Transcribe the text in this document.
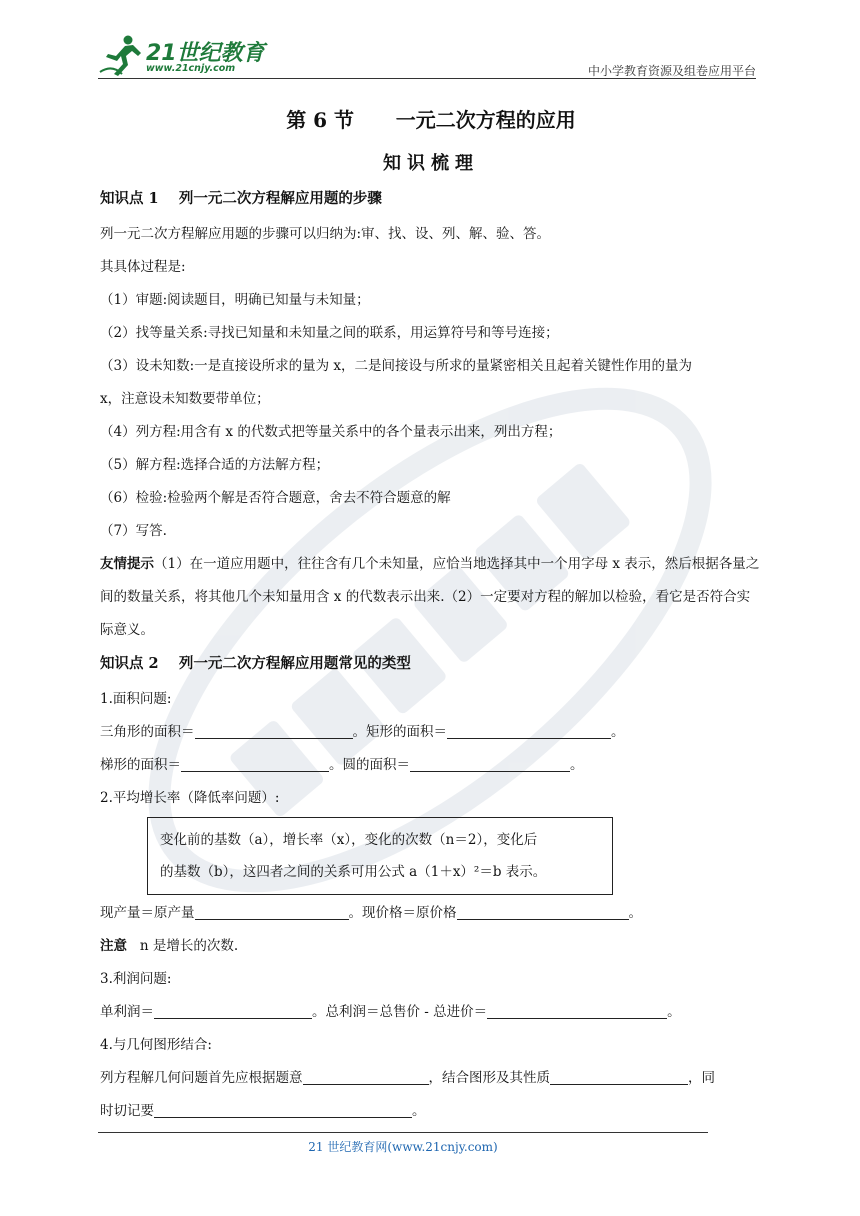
21世纪教育
www.21cnjy.com	中小学教育资源及组卷应用平台
第 6 节      一元二次方程的应用
知识梳理
知识点 1    列一元二次方程解应用题的步骤
列一元二次方程解应用题的步骤可以归纳为:审、找、设、列、解、验、答。
其具体过程是:
（1）审题:阅读题目，明确已知量与未知量；
（2）找等量关系:寻找已知量和未知量之间的联系，用运算符号和等号连接；
（3）设未知数:一是直接设所求的量为 x，二是间接设与所求的量紧密相关且起着关键性作用的量为
x，注意设未知数要带单位；
（4）列方程:用含有 x 的代数式把等量关系中的各个量表示出来，列出方程；
（5）解方程:选择合适的方法解方程；
（6）检验:检验两个解是否符合题意，舍去不符合题意的解
（7）写答.
友情提示（1）在一道应用题中，往往含有几个未知量，应恰当地选择其中一个用字母 x 表示，然后根据各量之间的数量关系，将其他几个未知量用含 x 的代数表示出来.（2）一定要对方程的解加以检验，看它是否符合实际意义。
知识点 2    列一元二次方程解应用题常见的类型
1.面积问题:
三角形的面积＝	。矩形的面积＝	。
梯形的面积＝	。圆的面积＝	。
2.平均增长率（降低率问题）:
变化前的基数（a），增长率（x），变化的次数（n＝2），变化后
的基数（b），这四者之间的关系可用公式 a（1＋x）²＝b 表示。
现产量＝原产量	。现价格＝原价格	。
注意 n 是增长的次数.
3.利润问题:
单利润＝	。总利润＝总售价 - 总进价＝	。
4.与几何图形结合:
列方程解几何问题首先应根据题意	，结合图形及其性质	，同
时切记要	。
21 世纪教育网(www.21cnjy.com)
